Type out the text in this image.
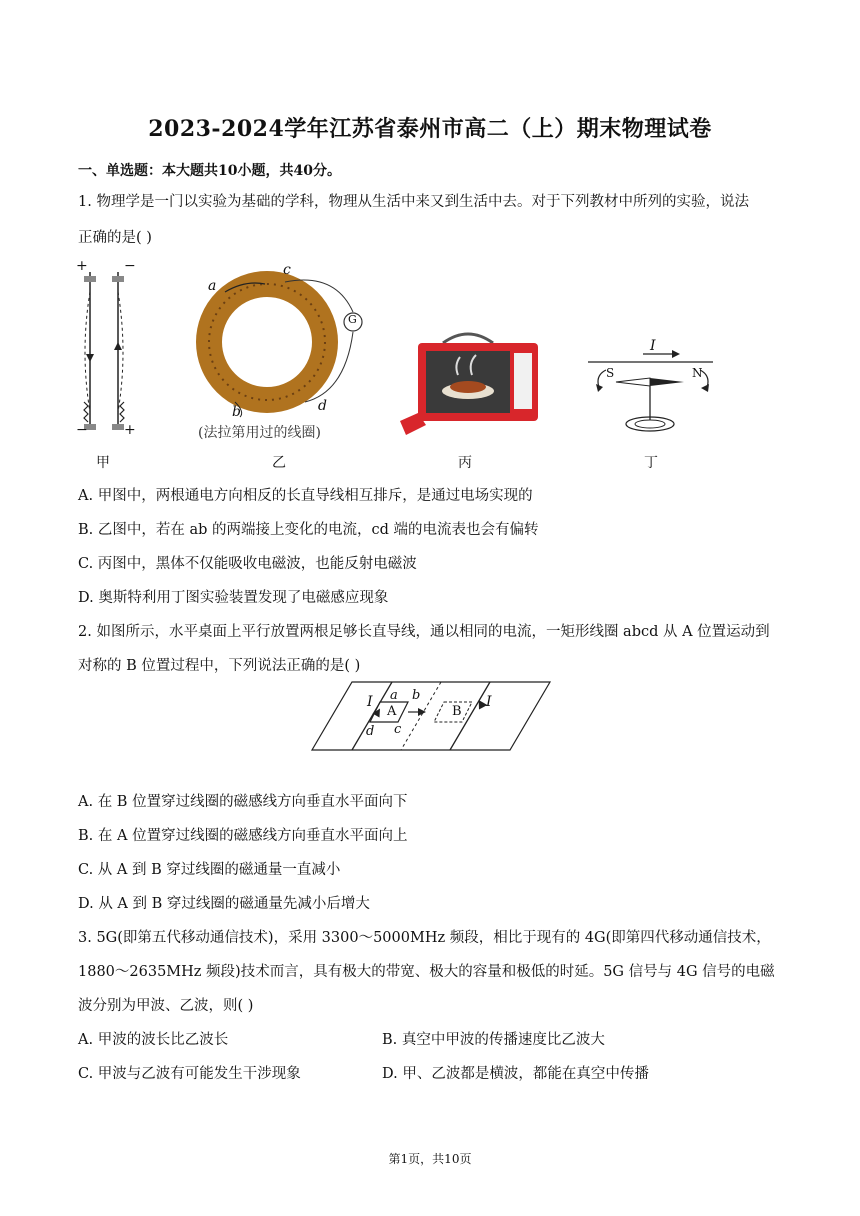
2023-2024学年江苏省泰州市高二（上）期末物理试卷
一、单选题：本大题共10小题，共40分。
1. 物理学是一门以实验为基础的学科，物理从生活中来又到生活中去。对于下列教材中所列的实验，说法
正确的是( )
+	−
−	+
甲
a
c
b	d
G
(法拉第用过的线圈)
乙	丙
I
S	N
丁
A. 甲图中，两根通电方向相反的长直导线相互排斥，是通过电场实现的
B. 乙图中，若在 ab 的两端接上变化的电流，cd 端的电流表也会有偏转
C. 丙图中，黑体不仅能吸收电磁波，也能反射电磁波
D. 奥斯特利用丁图实验装置发现了电磁感应现象
2. 如图所示，水平桌面上平行放置两根足够长直导线，通以相同的电流，一矩形线圈 abcd 从 A 位置运动到
对称的 B 位置过程中，下列说法正确的是( )
I	I
a b
c
d
A	B
A. 在 B 位置穿过线圈的磁感线方向垂直水平面向下
B. 在 A 位置穿过线圈的磁感线方向垂直水平面向上
C. 从 A 到 B 穿过线圈的磁通量一直减小
D. 从 A 到 B 穿过线圈的磁通量先减小后增大
3. 5G(即第五代移动通信技术)，采用 3300～5000MHz 频段，相比于现有的 4G(即第四代移动通信技术，
1880～2635MHz 频段)技术而言，具有极大的带宽、极大的容量和极低的时延。5G 信号与 4G 信号的电磁
波分别为甲波、乙波，则( )
A. 甲波的波长比乙波长	B. 真空中甲波的传播速度比乙波大
C. 甲波与乙波有可能发生干涉现象	D. 甲、乙波都是横波，都能在真空中传播
第1页，共10页
